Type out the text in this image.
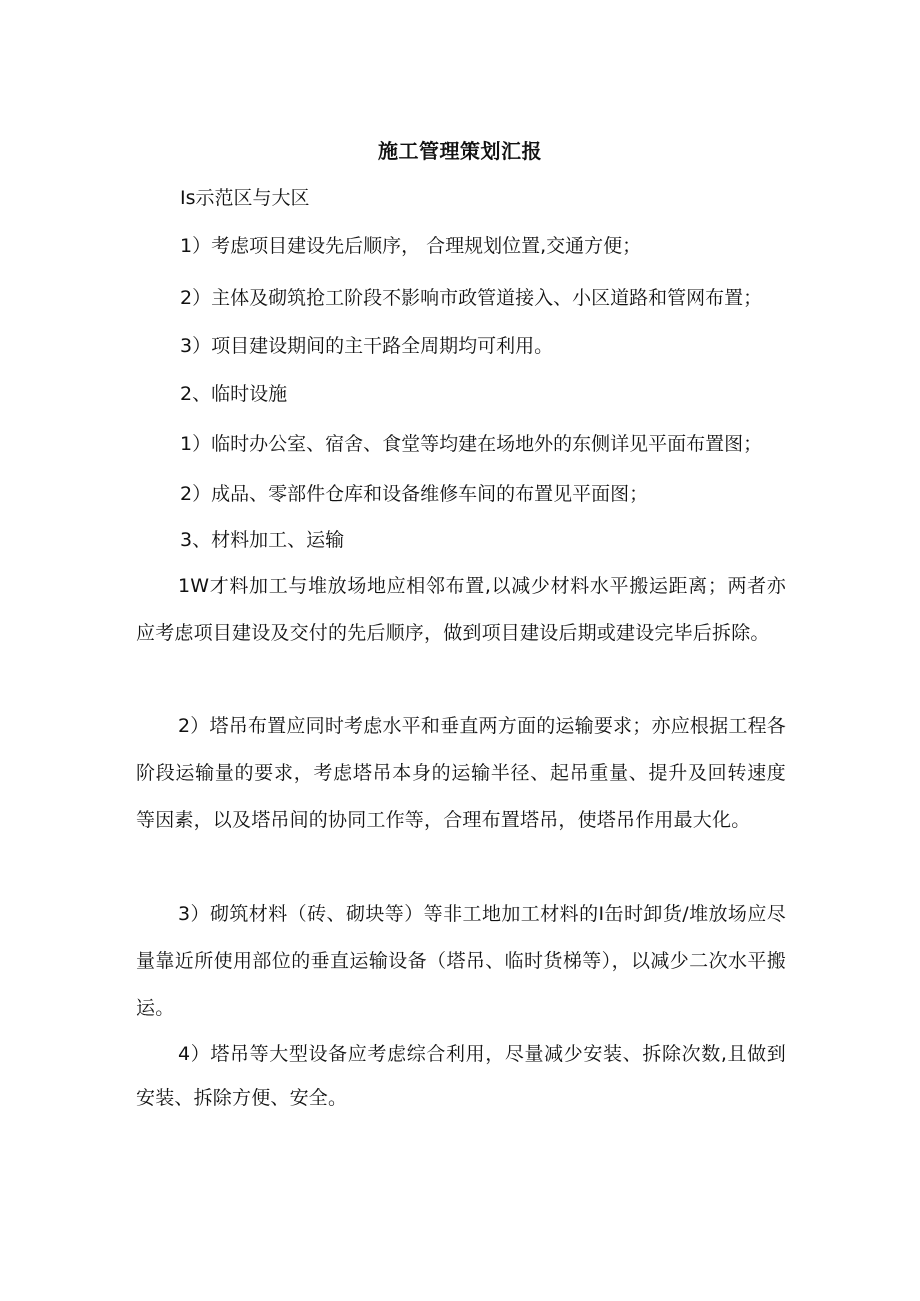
施工管理策划汇报
Is示范区与大区
1）考虑项目建设先后顺序， 合理规划位置,交通方便；
2）主体及砌筑抢工阶段不影响市政管道接入、小区道路和管网布置；
3）项目建设期间的主干路全周期均可利用。
2、临时设施
1）临时办公室、宿舍、食堂等均建在场地外的东侧详见平面布置图；
2）成品、零部件仓库和设备维修车间的布置见平面图；
3、材料加工、运输
1W才料加工与堆放场地应相邻布置,以减少材料水平搬运距离；两者亦应考虑项目建设及交付的先后顺序，做到项目建设后期或建设完毕后拆除。
2）塔吊布置应同时考虑水平和垂直两方面的运输要求；亦应根据工程各阶段运输量的要求，考虑塔吊本身的运输半径、起吊重量、提升及回转速度等因素，以及塔吊间的协同工作等，合理布置塔吊，使塔吊作用最大化。
3）砌筑材料（砖、砌块等）等非工地加工材料的I缶时卸货/堆放场应尽量靠近所使用部位的垂直运输设备（塔吊、临时货梯等），以减少二次水平搬运。
4）塔吊等大型设备应考虑综合利用，尽量减少安装、拆除次数,且做到安装、拆除方便、安全。
